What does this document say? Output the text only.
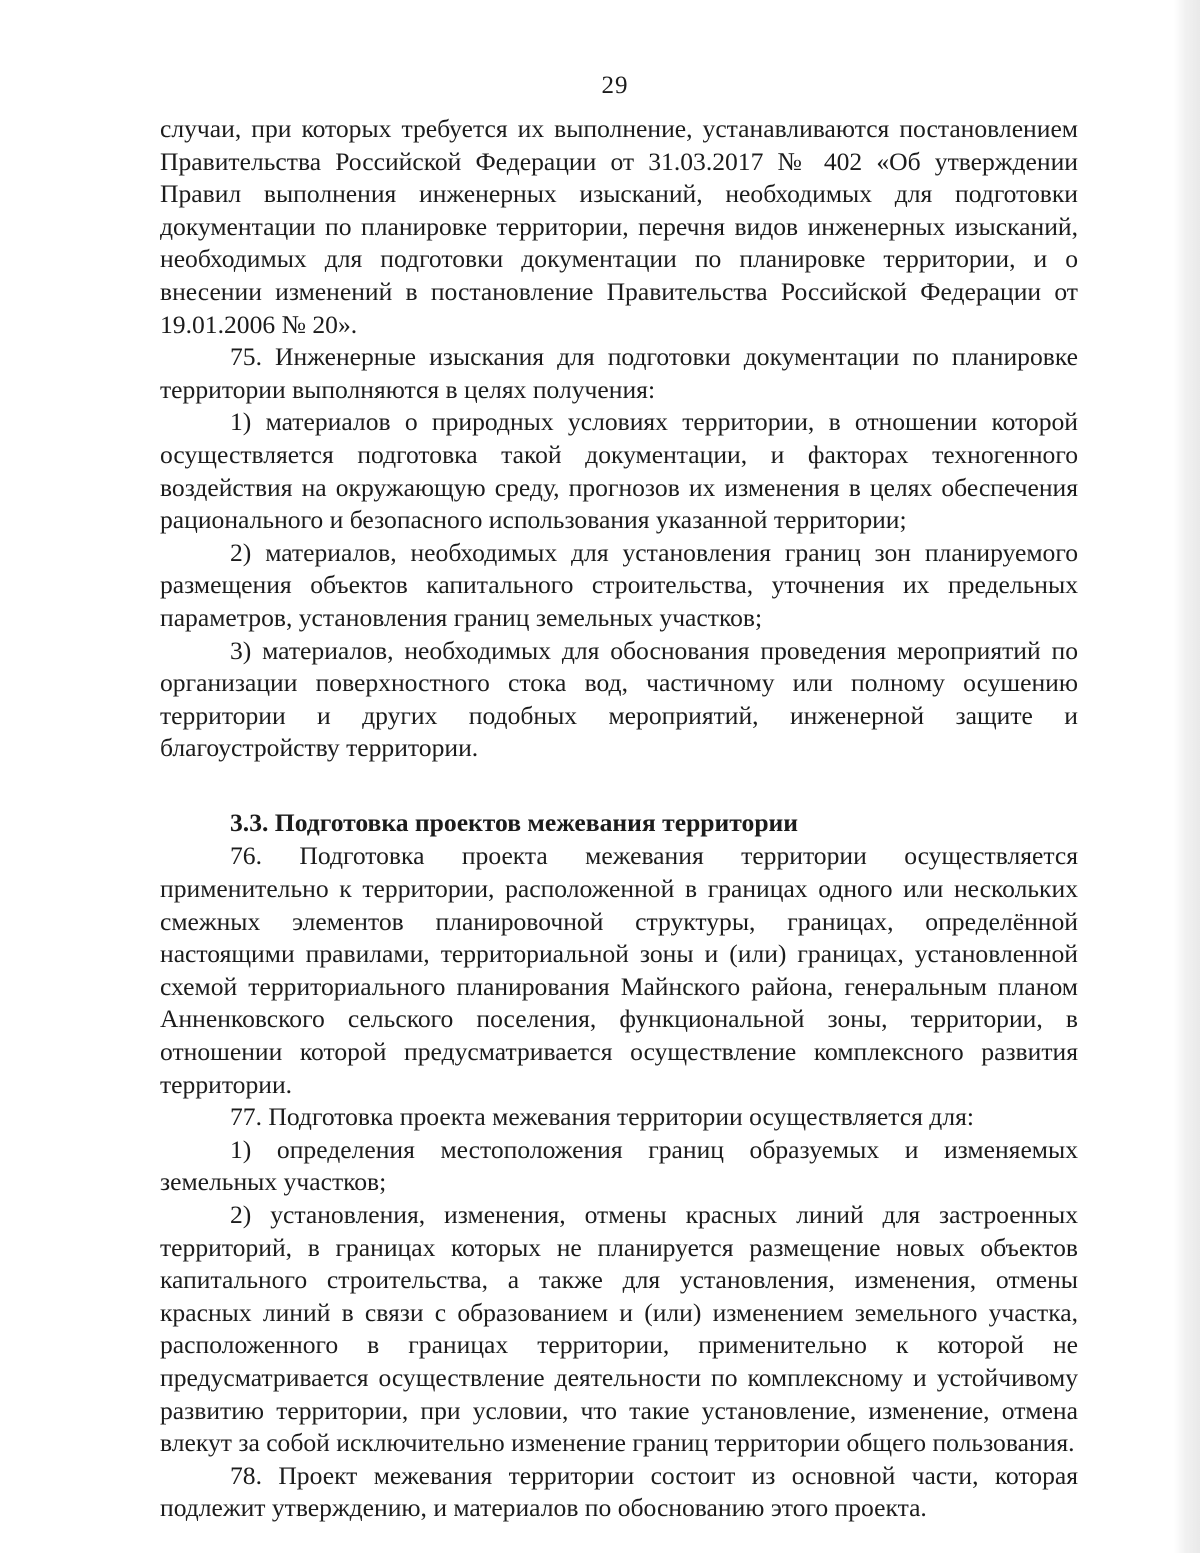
29

случаи, при которых требуется их выполнение, устанавливаются постановлением Правительства Российской Федерации от 31.03.2017 № 402 «Об утверждении Правил выполнения инженерных изысканий, необходимых для подготовки документации по планировке территории, перечня видов инженерных изысканий, необходимых для подготовки документации по планировке территории, и о внесении изменений в постановление Правительства Российской Федерации от 19.01.2006 № 20».

75. Инженерные изыскания для подготовки документации по планировке территории выполняются в целях получения:

1) материалов о природных условиях территории, в отношении которой осуществляется подготовка такой документации, и факторах техногенного воздействия на окружающую среду, прогнозов их изменения в целях обеспечения рационального и безопасного использования указанной территории;

2) материалов, необходимых для установления границ зон планируемого размещения объектов капитального строительства, уточнения их предельных параметров, установления границ земельных участков;

3) материалов, необходимых для обоснования проведения мероприятий по организации поверхностного стока вод, частичному или полному осушению территории и других подобных мероприятий, инженерной защите и благоустройству территории.

3.3. Подготовка проектов межевания территории

76. Подготовка проекта межевания территории осуществляется применительно к территории, расположенной в границах одного или нескольких смежных элементов планировочной структуры, границах, определённой настоящими правилами, территориальной зоны и (или) границах, установленной схемой территориального планирования Майнского района, генеральным планом Анненковского сельского поселения, функциональной зоны, территории, в отношении которой предусматривается осуществление комплексного развития территории.

77. Подготовка проекта межевания территории осуществляется для:

1) определения местоположения границ образуемых и изменяемых земельных участков;

2) установления, изменения, отмены красных линий для застроенных территорий, в границах которых не планируется размещение новых объектов капитального строительства, а также для установления, изменения, отмены красных линий в связи с образованием и (или) изменением земельного участка, расположенного в границах территории, применительно к которой не предусматривается осуществление деятельности по комплексному и устойчивому развитию территории, при условии, что такие установление, изменение, отмена влекут за собой исключительно изменение границ территории общего пользования.

78. Проект межевания территории состоит из основной части, которая подлежит утверждению, и материалов по обоснованию этого проекта.
